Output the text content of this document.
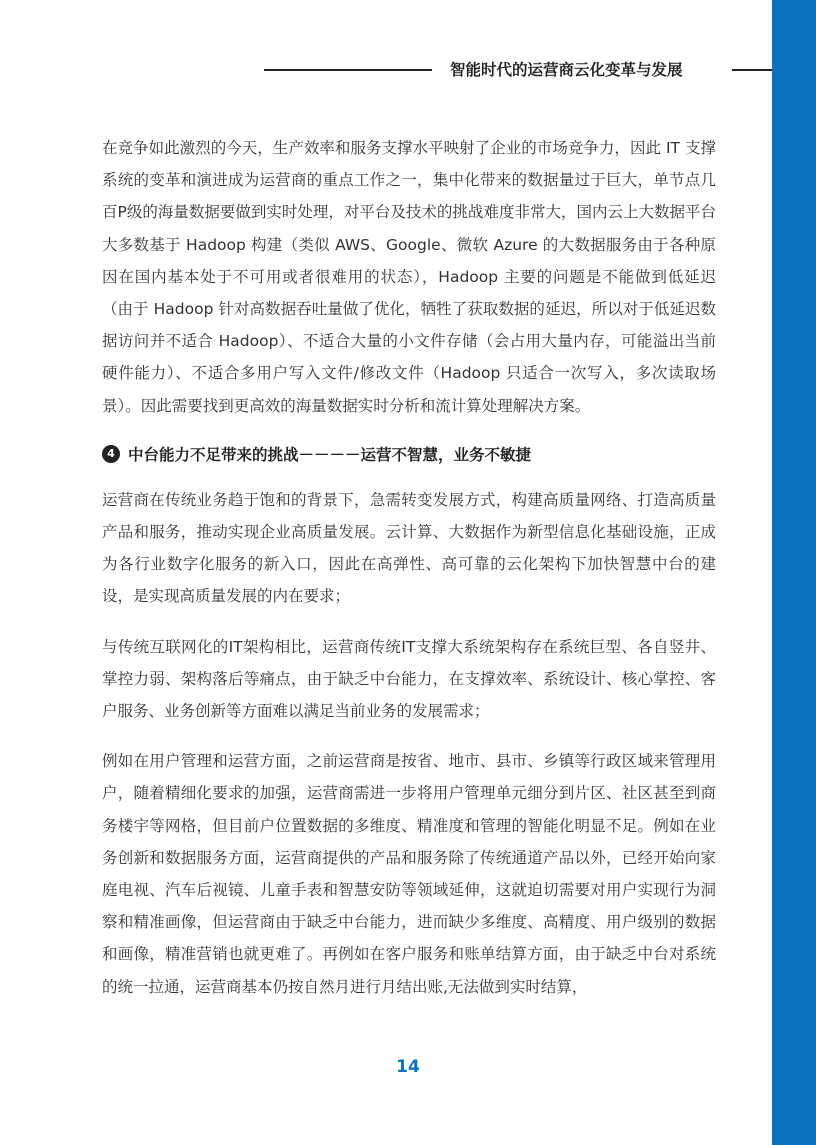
智能时代的运营商云化变革与发展

在竞争如此激烈的今天，生产效率和服务支撑水平映射了企业的市场竞争力，因此 IT 支撑系统的变革和演进成为运营商的重点工作之一，集中化带来的数据量过于巨大，单节点几百P级的海量数据要做到实时处理，对平台及技术的挑战难度非常大，国内云上大数据平台大多数基于 Hadoop 构建（类似 AWS、Google、微软 Azure 的大数据服务由于各种原因在国内基本处于不可用或者很难用的状态），Hadoop 主要的问题是不能做到低延迟（由于 Hadoop 针对高数据吞吐量做了优化，牺牲了获取数据的延迟，所以对于低延迟数据访问并不适合 Hadoop）、不适合大量的小文件存储（会占用大量内存，可能溢出当前硬件能力）、不适合多用户写入文件/修改文件（Hadoop 只适合一次写入，多次读取场景）。因此需要找到更高效的海量数据实时分析和流计算处理解决方案。

4 中台能力不足带来的挑战－－－－运营不智慧，业务不敏捷

运营商在传统业务趋于饱和的背景下，急需转变发展方式，构建高质量网络、打造高质量产品和服务，推动实现企业高质量发展。云计算、大数据作为新型信息化基础设施，正成为各行业数字化服务的新入口，因此在高弹性、高可靠的云化架构下加快智慧中台的建设，是实现高质量发展的内在要求；

与传统互联网化的IT架构相比，运营商传统IT支撑大系统架构存在系统巨型、各自竖井、掌控力弱、架构落后等痛点，由于缺乏中台能力，在支撑效率、系统设计、核心掌控、客户服务、业务创新等方面难以满足当前业务的发展需求；

例如在用户管理和运营方面，之前运营商是按省、地市、县市、乡镇等行政区域来管理用户，随着精细化要求的加强，运营商需进一步将用户管理单元细分到片区、社区甚至到商务楼宇等网格，但目前户位置数据的多维度、精准度和管理的智能化明显不足。例如在业务创新和数据服务方面，运营商提供的产品和服务除了传统通道产品以外，已经开始向家庭电视、汽车后视镜、儿童手表和智慧安防等领域延伸，这就迫切需要对用户实现行为洞察和精准画像，但运营商由于缺乏中台能力，进而缺少多维度、高精度、用户级别的数据和画像，精准营销也就更难了。再例如在客户服务和账单结算方面，由于缺乏中台对系统的统一拉通，运营商基本仍按自然月进行月结出账,无法做到实时结算，

14
